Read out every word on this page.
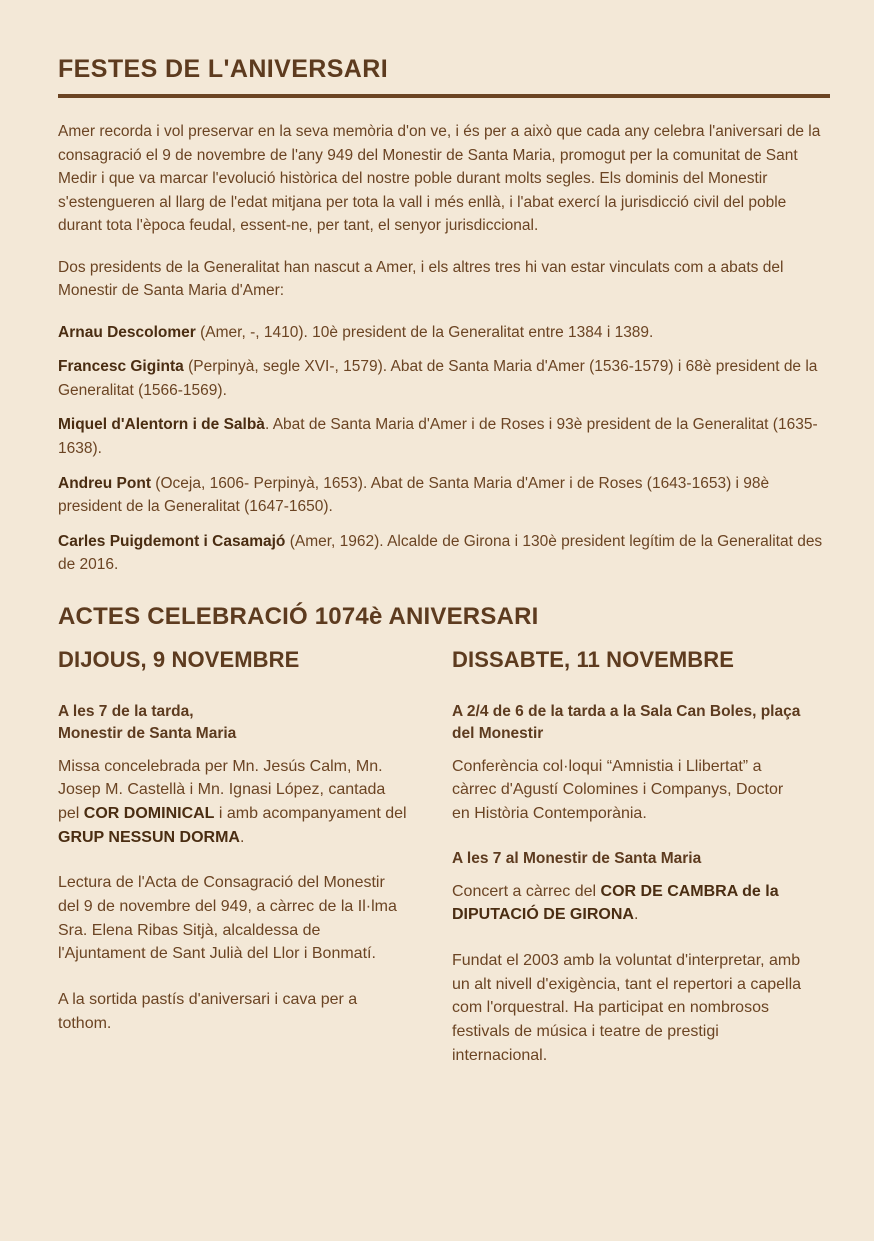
FESTES DE L'ANIVERSARI

Amer recorda i vol preservar en la seva memòria d'on ve, i és per a això que cada any celebra l'aniversari de la consagració el 9 de novembre de l'any 949 del Monestir de Santa Maria, promogut per la comunitat de Sant Medir i que va marcar l'evolució històrica del nostre poble durant molts segles. Els dominis del Monestir s'estengueren al llarg de l'edat mitjana per tota la vall i més enllà, i l'abat exercí la jurisdicció civil del poble durant tota l'època feudal, essent-ne, per tant, el senyor jurisdiccional.

Dos presidents de la Generalitat han nascut a Amer, i els altres tres hi van estar vinculats com a abats del Monestir de Santa Maria d'Amer:

Arnau Descolomer (Amer, -, 1410). 10è president de la Generalitat entre 1384 i 1389.

Francesc Giginta (Perpinyà, segle XVI-, 1579). Abat de Santa Maria d'Amer (1536-1579) i 68è president de la Generalitat (1566-1569).

Miquel d'Alentorn i de Salbà. Abat de Santa Maria d'Amer i de Roses i 93è president de la Generalitat (1635-1638).

Andreu Pont (Oceja, 1606- Perpinyà, 1653). Abat de Santa Maria d'Amer i de Roses (1643-1653) i 98è president de la Generalitat (1647-1650).

Carles Puigdemont i Casamajó (Amer, 1962). Alcalde de Girona i 130è president legítim de la Generalitat des de 2016.

ACTES CELEBRACIÓ 1074è ANIVERSARI
DIJOUS, 9 NOVEMBRE
A les 7 de la tarda,
Monestir de Santa Maria

Missa concelebrada per Mn. Jesús Calm, Mn. Josep M. Castellà i Mn. Ignasi López, cantada pel COR DOMINICAL i amb acompanyament del GRUP NESSUN DORMA.

Lectura de l'Acta de Consagració del Monestir del 9 de novembre del 949, a càrrec de la Il·lma Sra. Elena Ribas Sitjà, alcaldessa de l'Ajuntament de Sant Julià del Llor i Bonmatí.

A la sortida pastís d'aniversari i cava per a tothom.

DISSABTE, 11 NOVEMBRE
A 2/4 de 6 de la tarda a la Sala Can Boles, plaça del Monestir

Conferència col·loqui “Amnistia i Llibertat” a càrrec d'Agustí Colomines i Companys, Doctor en Història Contemporània.

A les 7 al Monestir de Santa Maria

Concert a càrrec del COR DE CAMBRA de la DIPUTACIÓ DE GIRONA.

Fundat el 2003 amb la voluntat d'interpretar, amb un alt nivell d'exigència, tant el repertori a capella com l'orquestral. Ha participat en nombrosos festivals de música i teatre de prestigi internacional.
